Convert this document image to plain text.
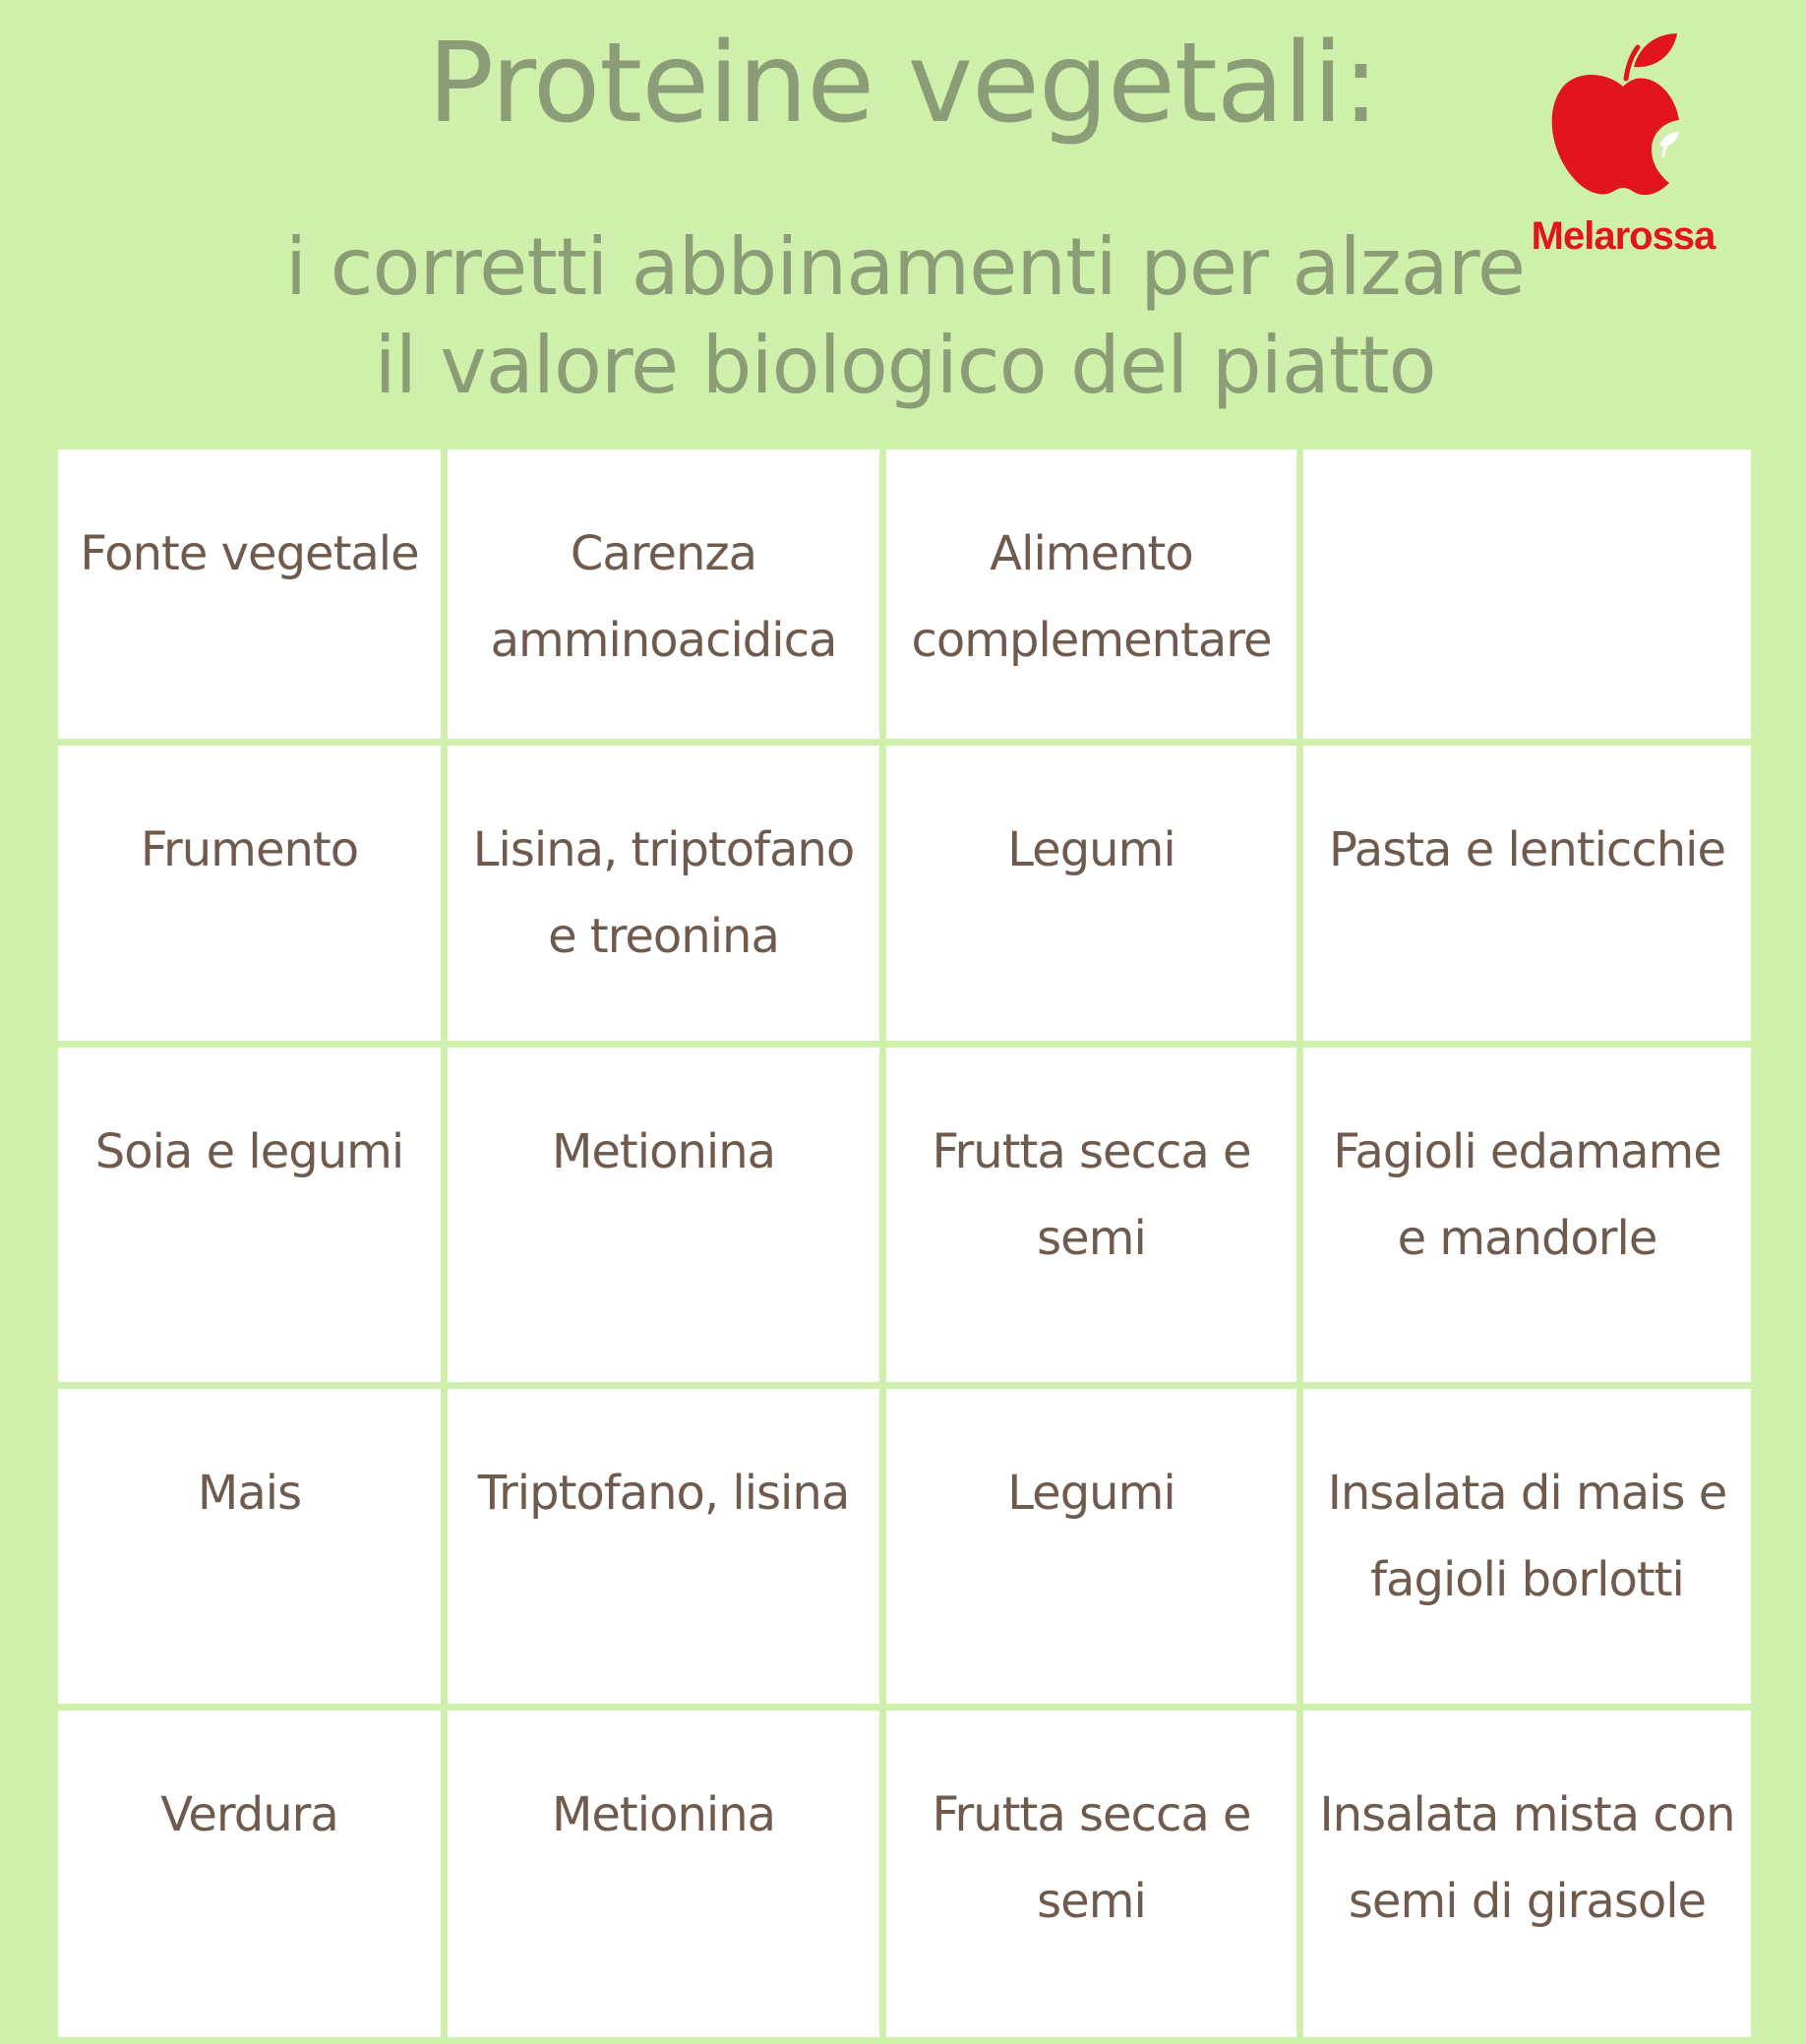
Proteine vegetali:
i corretti abbinamenti per alzare
il valore biologico del piatto
Melarossa
Fonte vegetale	Carenza amminoacidica	Alimento complementare	
Frumento	Lisina, triptofano e treonina	Legumi	Pasta e lenticchie
Soia e legumi	Metionina	Frutta secca e semi	Fagioli edamame e mandorle
Mais	Triptofano, lisina	Legumi	Insalata di mais e fagioli borlotti
Verdura	Metionina	Frutta secca e semi	Insalata mista con semi di girasole
